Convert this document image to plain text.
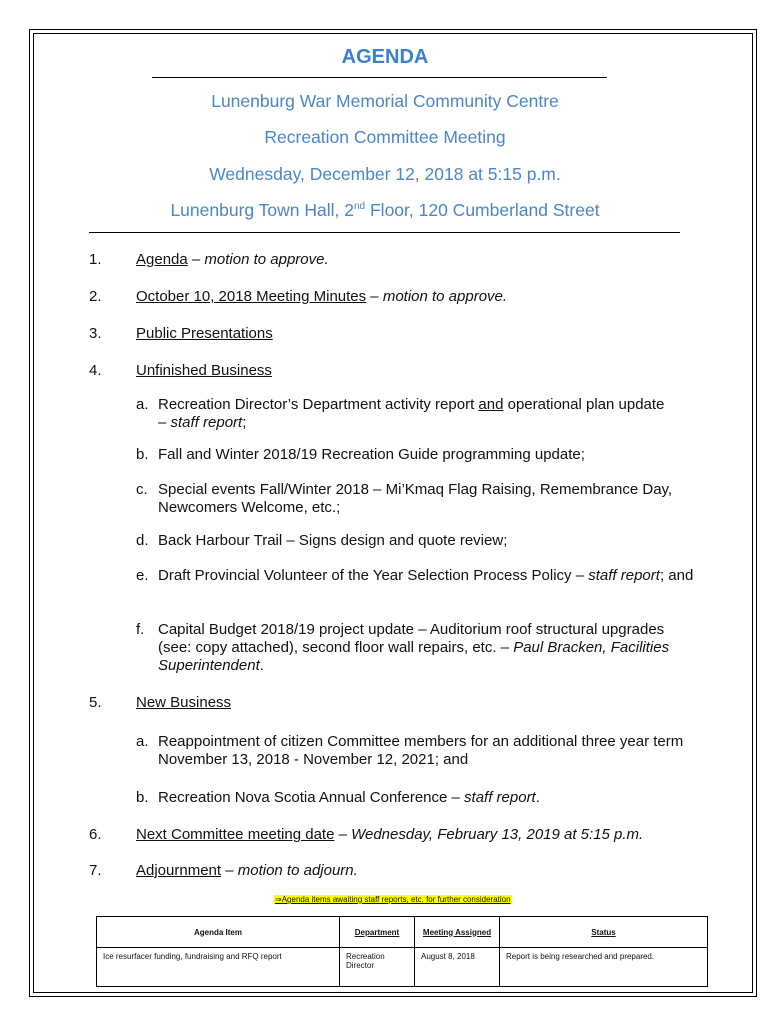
AGENDA
Lunenburg War Memorial Community Centre
Recreation Committee Meeting
Wednesday, December 12, 2018 at 5:15 p.m.
Lunenburg Town Hall, 2nd Floor, 120 Cumberland Street
1. Agenda – motion to approve.
2. October 10, 2018 Meeting Minutes – motion to approve.
3. Public Presentations
4. Unfinished Business
a. Recreation Director’s Department activity report and operational plan update
– staff report;
b. Fall and Winter 2018/19 Recreation Guide programming update;
c. Special events Fall/Winter 2018 – Mi’Kmaq Flag Raising, Remembrance Day, Newcomers Welcome, etc.;
d. Back Harbour Trail – Signs design and quote review;
e. Draft Provincial Volunteer of the Year Selection Process Policy – staff report; and
f. Capital Budget 2018/19 project update – Auditorium roof structural upgrades (see: copy attached), second floor wall repairs, etc. – Paul Bracken, Facilities Superintendent.
5. New Business
a. Reappointment of citizen Committee members for an additional three year term November 13, 2018 - November 12, 2021; and
b. Recreation Nova Scotia Annual Conference – staff report.
6. Next Committee meeting date – Wednesday, February 13, 2019 at 5:15 p.m.
7. Adjournment – motion to adjourn.
⇒Agenda items awaiting staff reports, etc. for further consideration
Agenda Item	Department	Meeting Assigned	Status
Ice resurfacer funding, fundraising and RFQ report	Recreation Director	August 8, 2018	Report is being researched and prepared.
